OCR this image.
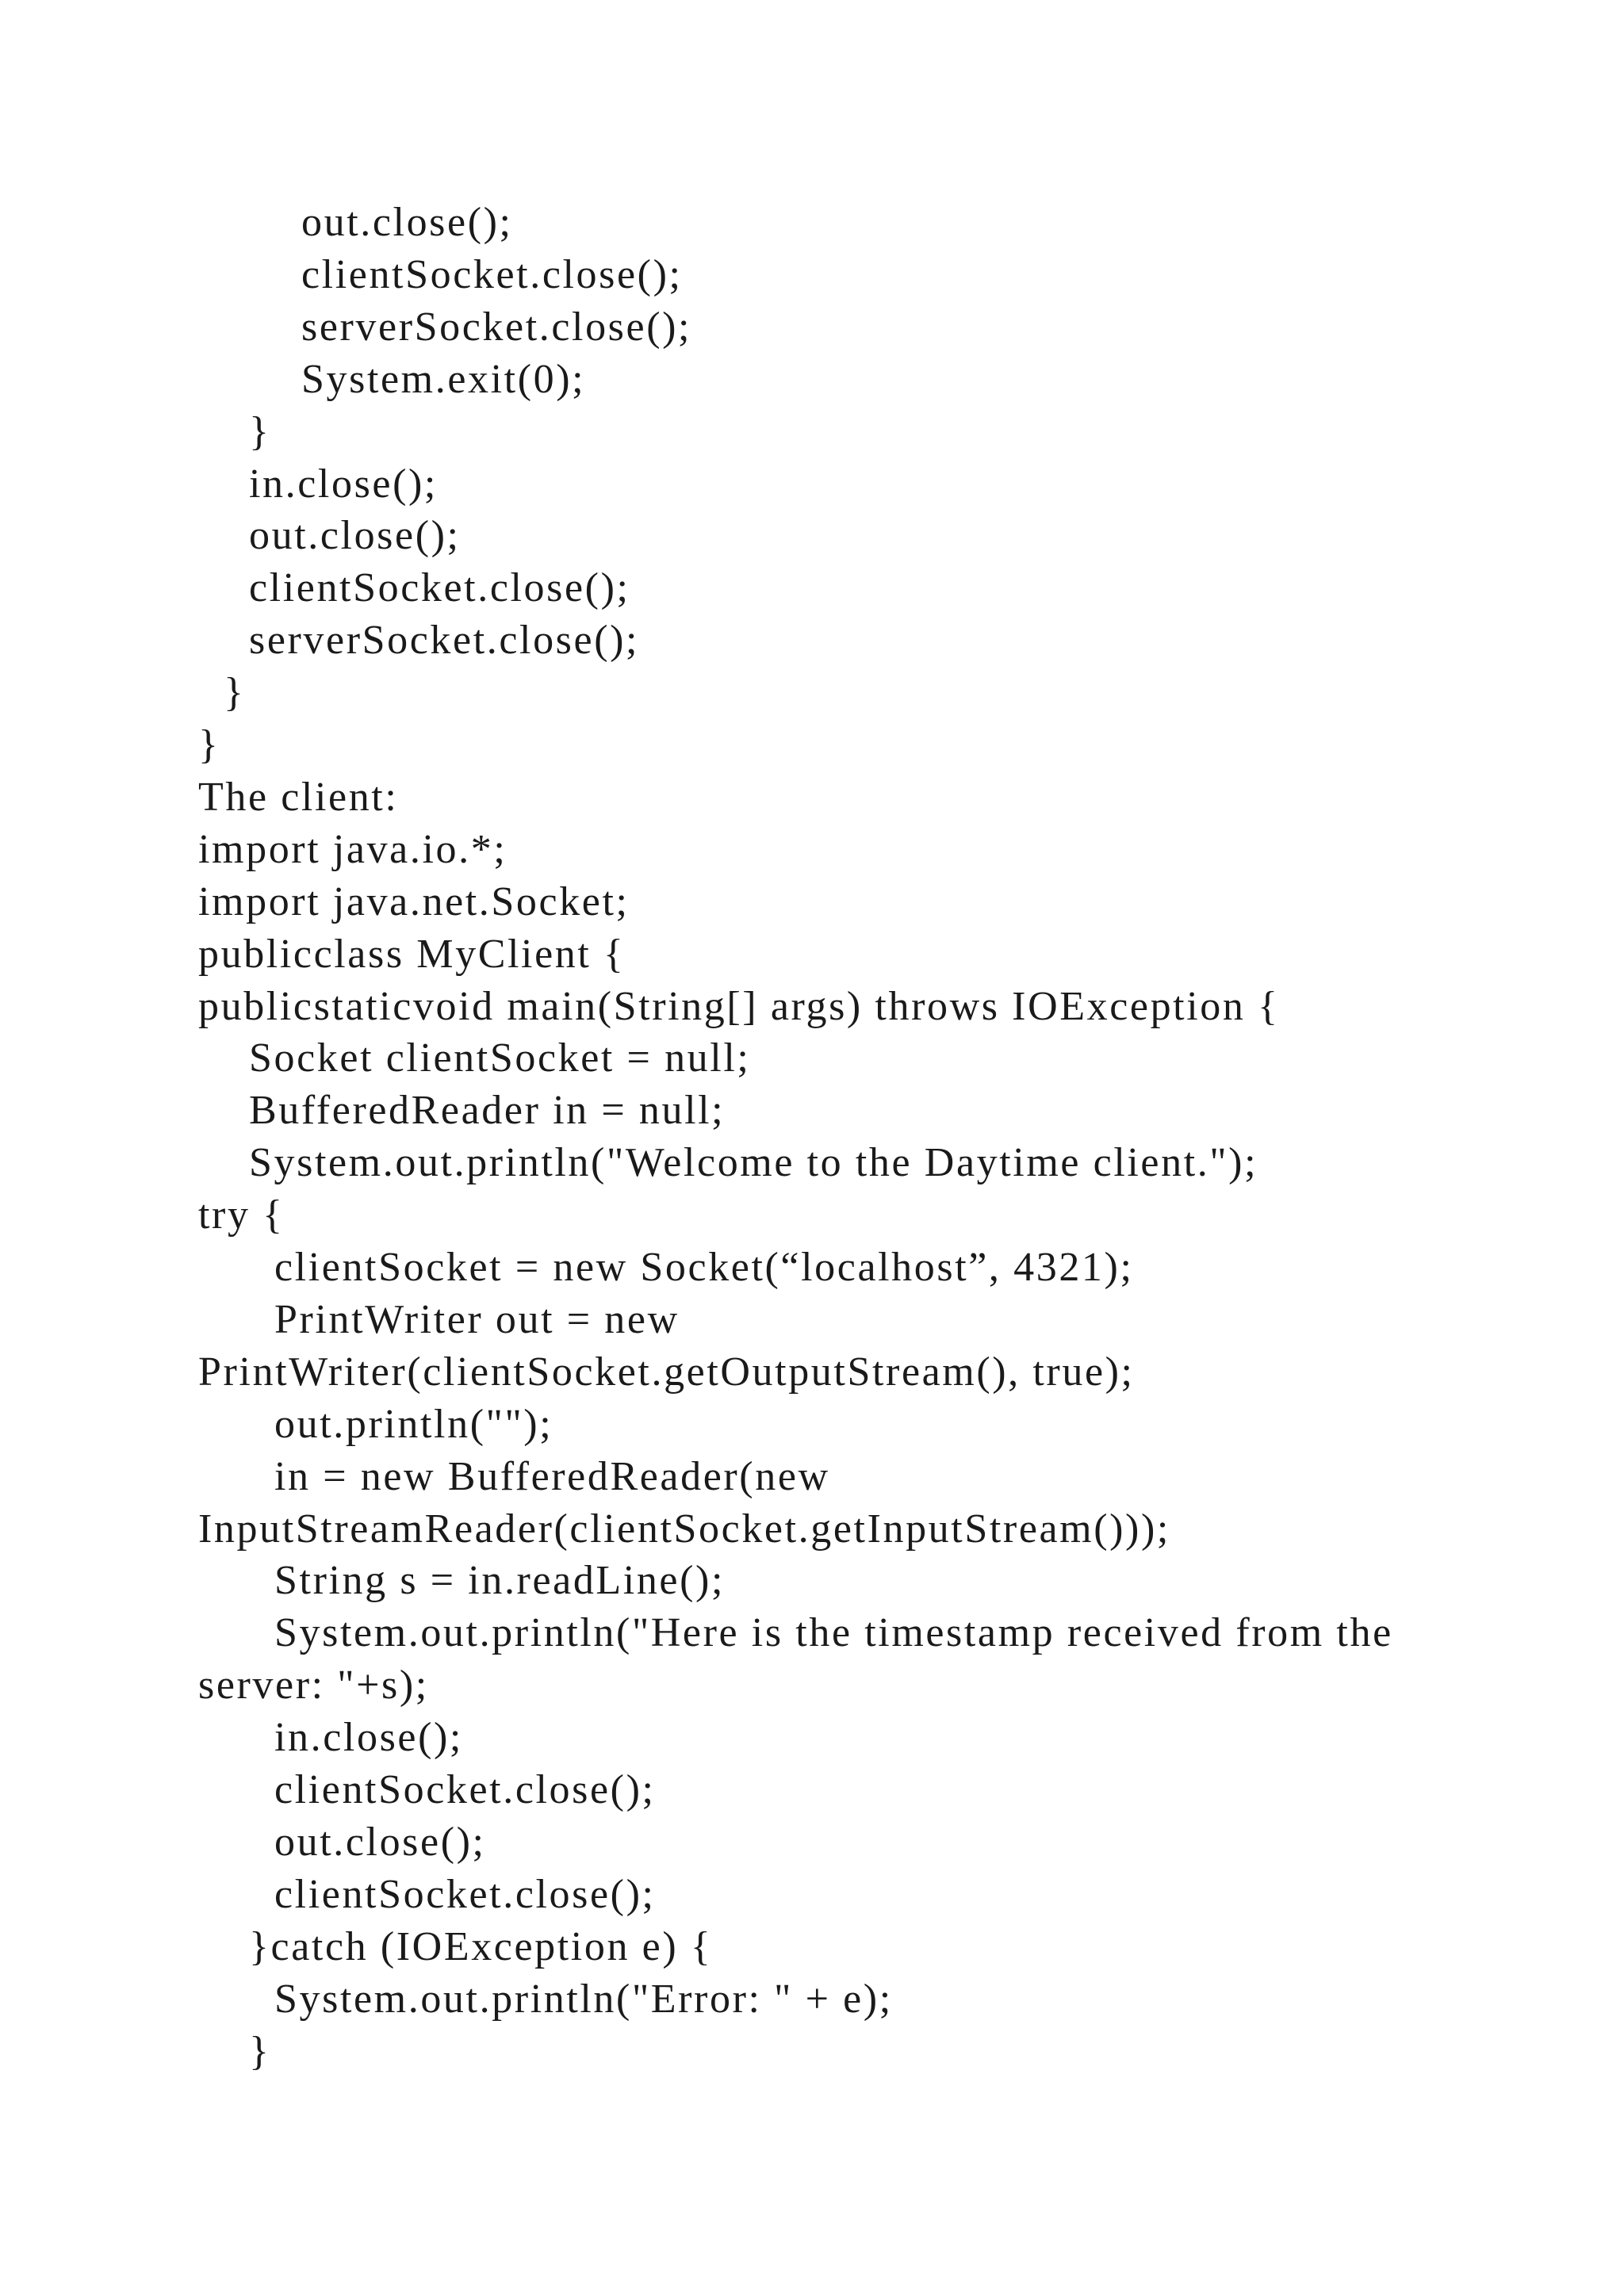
out.close();
clientSocket.close();
serverSocket.close();
System.exit(0);
}
in.close();
out.close();
clientSocket.close();
serverSocket.close();
}
}
The client:
import java.io.*;
import java.net.Socket;
publicclass MyClient {
publicstaticvoid main(String[] args) throws IOException {
Socket clientSocket = null;
BufferedReader in = null;
System.out.println("Welcome to the Daytime client.");
try {
clientSocket = new Socket(“localhost”, 4321);
PrintWriter out = new
PrintWriter(clientSocket.getOutputStream(), true);
out.println("");
in = new BufferedReader(new
InputStreamReader(clientSocket.getInputStream()));
String s = in.readLine();
System.out.println("Here is the timestamp received from the
server: "+s);
in.close();
clientSocket.close();
out.close();
clientSocket.close();
}catch (IOException e) {
System.out.println("Error: " + e);
}
